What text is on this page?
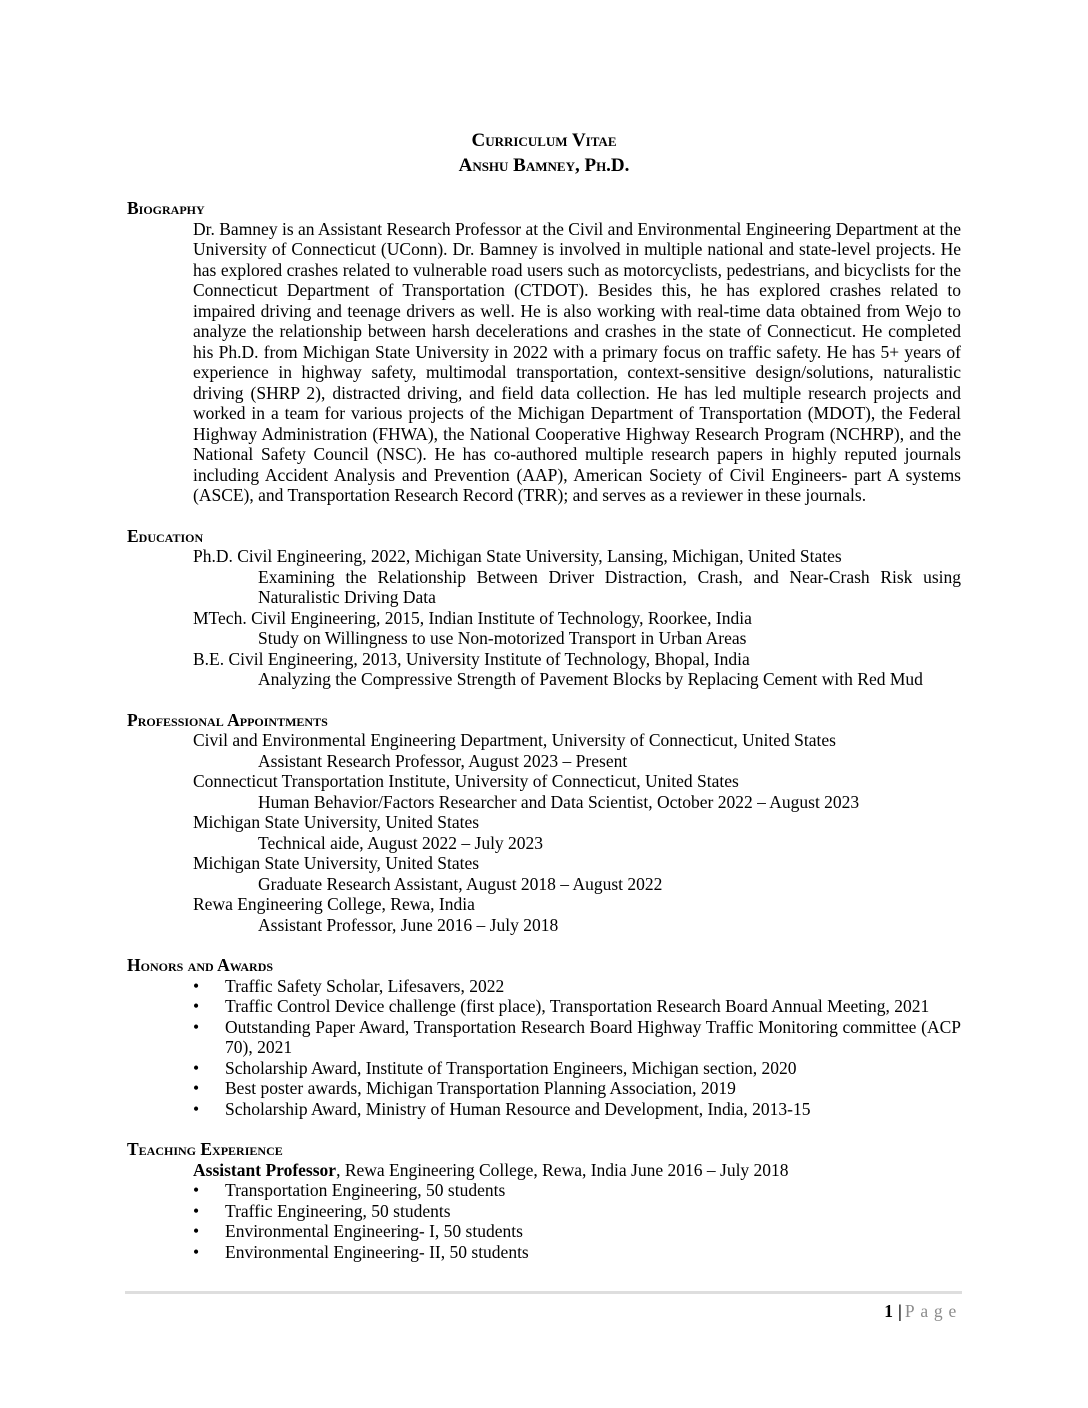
Curriculum Vitae
Anshu Bamney, Ph.D.
Biography
Dr. Bamney is an Assistant Research Professor at the Civil and Environmental Engineering Department at the University of Connecticut (UConn). Dr. Bamney is involved in multiple national and state-level projects. He has explored crashes related to vulnerable road users such as motorcyclists, pedestrians, and bicyclists for the Connecticut Department of Transportation (CTDOT). Besides this, he has explored crashes related to impaired driving and teenage drivers as well. He is also working with real-time data obtained from Wejo to analyze the relationship between harsh decelerations and crashes in the state of Connecticut. He completed his Ph.D. from Michigan State University in 2022 with a primary focus on traffic safety. He has 5+ years of experience in highway safety, multimodal transportation, context-sensitive design/solutions, naturalistic driving (SHRP 2), distracted driving, and field data collection. He has led multiple research projects and worked in a team for various projects of the Michigan Department of Transportation (MDOT), the Federal Highway Administration (FHWA), the National Cooperative Highway Research Program (NCHRP), and the National Safety Council (NSC). He has co-authored multiple research papers in highly reputed journals including Accident Analysis and Prevention (AAP), American Society of Civil Engineers- part A systems (ASCE), and Transportation Research Record (TRR); and serves as a reviewer in these journals.
Education
Ph.D. Civil Engineering, 2022, Michigan State University, Lansing, Michigan, United States
Examining the Relationship Between Driver Distraction, Crash, and Near-Crash Risk using Naturalistic Driving Data
MTech. Civil Engineering, 2015, Indian Institute of Technology, Roorkee, India
Study on Willingness to use Non-motorized Transport in Urban Areas
B.E. Civil Engineering, 2013, University Institute of Technology, Bhopal, India
Analyzing the Compressive Strength of Pavement Blocks by Replacing Cement with Red Mud
Professional Appointments
Civil and Environmental Engineering Department, University of Connecticut, United States
Assistant Research Professor, August 2023 – Present
Connecticut Transportation Institute, University of Connecticut, United States
Human Behavior/Factors Researcher and Data Scientist, October 2022 – August 2023
Michigan State University, United States
Technical aide, August 2022 – July 2023
Michigan State University, United States
Graduate Research Assistant, August 2018 – August 2022
Rewa Engineering College, Rewa, India
Assistant Professor, June 2016 – July 2018
Honors and Awards
•	Traffic Safety Scholar, Lifesavers, 2022
•	Traffic Control Device challenge (first place), Transportation Research Board Annual Meeting, 2021
•	Outstanding Paper Award, Transportation Research Board Highway Traffic Monitoring committee (ACP 70), 2021
•	Scholarship Award, Institute of Transportation Engineers, Michigan section, 2020
•	Best poster awards, Michigan Transportation Planning Association, 2019
•	Scholarship Award, Ministry of Human Resource and Development, India, 2013-15
Teaching Experience
Assistant Professor, Rewa Engineering College, Rewa, India June 2016 – July 2018
•	Transportation Engineering, 50 students
•	Traffic Engineering, 50 students
•	Environmental Engineering- I, 50 students
•	Environmental Engineering- II, 50 students
1 | Page
